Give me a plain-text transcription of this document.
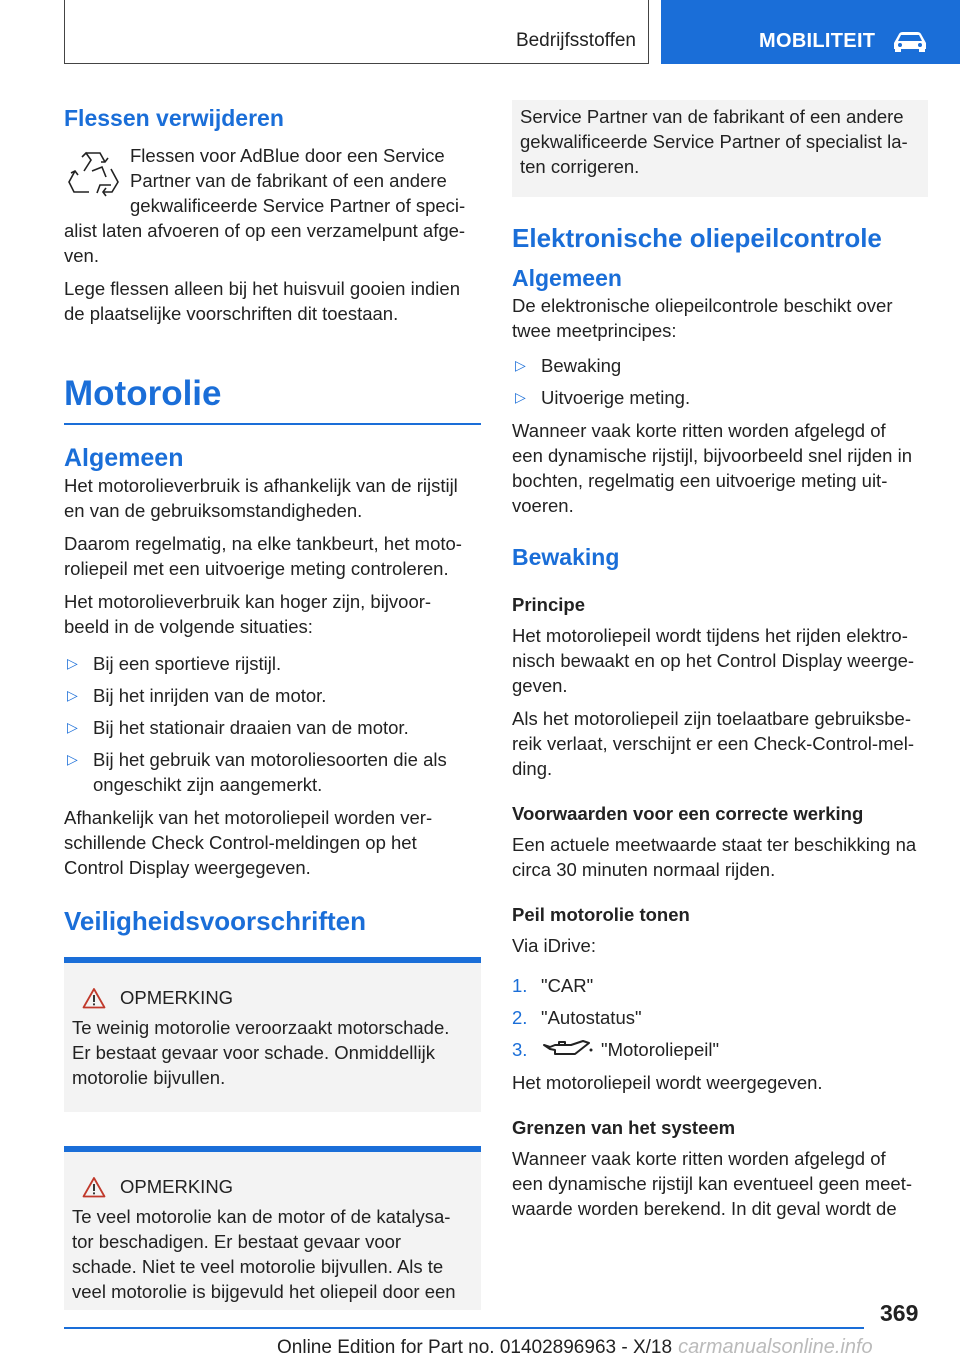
Bedrijfsstoffen	MOBILITEIT
Flessen verwijderen

Flessen voor AdBlue door een Service
Partner van de fabrikant of een andere
gekwalificeerde Service Partner of speci-

alist laten afvoeren of op een verzamelpunt afge-
ven.

Lege flessen alleen bij het huisvuil gooien indien
de plaatselijke voorschriften dit toestaan.

Motorolie
Algemeen

Het motorolieverbruik is afhankelijk van de rijstijl
en van de gebruiksomstandigheden.

Daarom regelmatig, na elke tankbeurt, het moto-
roliepeil met een uitvoerige meting controleren.

Het motorolieverbruik kan hoger zijn, bijvoor-
beeld in de volgende situaties:

▷ Bij een sportieve rijstijl.
▷ Bij het inrijden van de motor.
▷ Bij het stationair draaien van de motor.
▷ Bij het gebruik van motoroliesoorten die als
ongeschikt zijn aangemerkt.

Afhankelijk van het motoroliepeil worden ver-
schillende Check Control-meldingen op het
Control Display weergegeven.

Veiligheidsvoorschriften
OPMERKING

Te weinig motorolie veroorzaakt motorschade.
Er bestaat gevaar voor schade. Onmiddellijk
motorolie bijvullen.

OPMERKING

Te veel motorolie kan de motor of de katalysa-
tor beschadigen. Er bestaat gevaar voor
schade. Niet te veel motorolie bijvullen. Als te
veel motorolie is bijgevuld het oliepeil door een

Service Partner van de fabrikant of een andere
gekwalificeerde Service Partner of specialist la-
ten corrigeren.

Elektronische oliepeilcontrole
Algemeen

De elektronische oliepeilcontrole beschikt over
twee meetprincipes:

▷ Bewaking
▷ Uitvoerige meting.

Wanneer vaak korte ritten worden afgelegd of
een dynamische rijstijl, bijvoorbeeld snel rijden in
bochten, regelmatig een uitvoerige meting uit-
voeren.

Bewaking
Principe

Het motoroliepeil wordt tijdens het rijden elektro-
nisch bewaakt en op het Control Display weerge-
geven.

Als het motoroliepeil zijn toelaatbare gebruiksbe-
reik verlaat, verschijnt er een Check-Control-mel-
ding.

Voorwaarden voor een correcte werking

Een actuele meetwaarde staat ter beschikking na
circa 30 minuten normaal rijden.

Peil motorolie tonen

Via iDrive:

1. "CAR"
2. "Autostatus"
3.	"Motoroliepeil"

Het motoroliepeil wordt weergegeven.

Grenzen van het systeem

Wanneer vaak korte ritten worden afgelegd of
een dynamische rijstijl kan eventueel geen meet-
waarde worden berekend. In dit geval wordt de

369
Online Edition for Part no. 01402896963 - X/18 carmanualsonline.info
